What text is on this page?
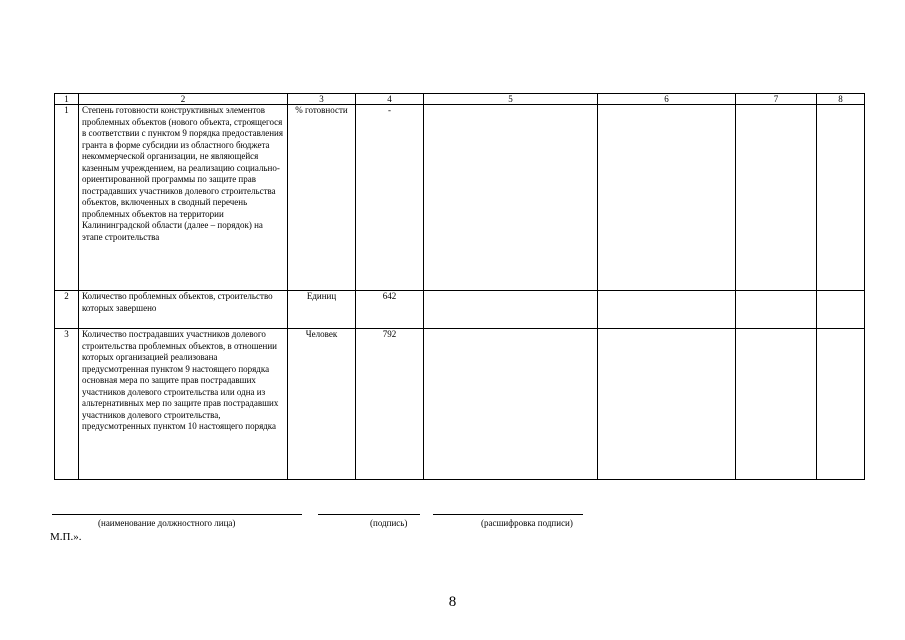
1	2	3	4	5	6	7	8
1	Степень готовности конструктивных элементов проблемных объектов (нового объекта, строящегося в соответствии с пунктом 9 порядка предоставления гранта в форме субсидии из областного бюджета некоммерческой организации, не являющейся казенным учреждением, на реализацию социально-ориентированной программы по защите прав пострадавших участников долевого строительства объектов, включенных в сводный перечень проблемных объектов на территории Калининградской области (далее – порядок) на этапе строительства	% готовности	-				
2	Количество проблемных объектов, строительство которых завершено	Единиц	642				
3	Количество пострадавших участников долевого строительства проблемных объектов, в отношении которых организацией реализована предусмотренная пунктом 9 настоящего порядка основная мера по защите прав пострадавших участников долевого строительства или одна из альтернативных мер по защите прав пострадавших участников долевого строительства, предусмотренных пунктом 10 настоящего порядка	Человек	792				
(наименование должностного лица)	(подпись)	(расшифровка подписи)
М.П.».
8
